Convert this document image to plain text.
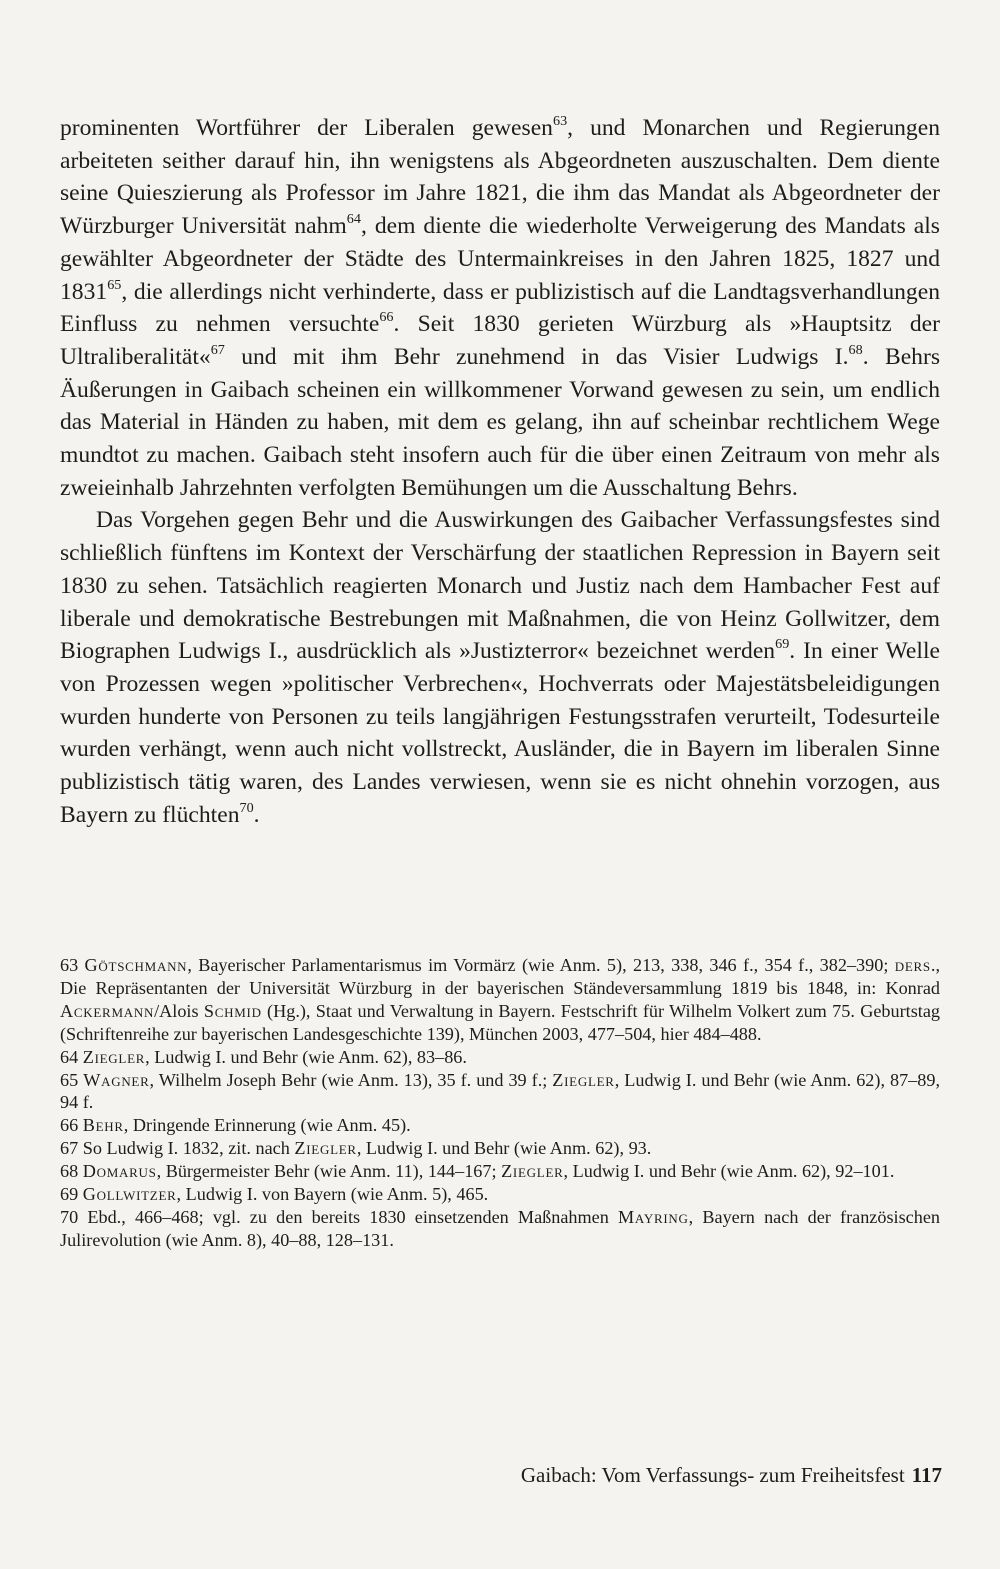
prominenten Wortführer der Liberalen gewesen$^{63}$, und Monarchen und Regierungen arbeiteten seither darauf hin, ihn wenigstens als Abgeordneten auszuschalten. Dem diente seine Quieszierung als Professor im Jahre 1821, die ihm das Mandat als Abgeordneter der Würzburger Universität nahm$^{64}$, dem diente die wiederholte Verweigerung des Mandats als gewählter Abgeordneter der Städte des Untermainkreises in den Jahren 1825, 1827 und 1831$^{65}$, die allerdings nicht verhinderte, dass er publizistisch auf die Landtagsverhandlungen Einfluss zu nehmen versuchte$^{66}$. Seit 1830 gerieten Würzburg als »Hauptsitz der Ultraliberalität«$^{67}$ und mit ihm Behr zunehmend in das Visier Ludwigs I.$^{68}$. Behrs Äußerungen in Gaibach scheinen ein willkommener Vorwand gewesen zu sein, um endlich das Material in Händen zu haben, mit dem es gelang, ihn auf scheinbar rechtlichem Wege mundtot zu machen. Gaibach steht insofern auch für die über einen Zeitraum von mehr als zweieinhalb Jahrzehnten verfolgten Bemühungen um die Ausschaltung Behrs.

Das Vorgehen gegen Behr und die Auswirkungen des Gaibacher Verfassungsfestes sind schließlich fünftens im Kontext der Verschärfung der staatlichen Repression in Bayern seit 1830 zu sehen. Tatsächlich reagierten Monarch und Justiz nach dem Hambacher Fest auf liberale und demokratische Bestrebungen mit Maßnahmen, die von Heinz Gollwitzer, dem Biographen Ludwigs I., ausdrücklich als »Justizterror« bezeichnet werden$^{69}$. In einer Welle von Prozessen wegen »politischer Verbrechen«, Hochverrats oder Majestätsbeleidigungen wurden hunderte von Personen zu teils langjährigen Festungsstrafen verurteilt, Todesurteile wurden verhängt, wenn auch nicht vollstreckt, Ausländer, die in Bayern im liberalen Sinne publizistisch tätig waren, des Landes verwiesen, wenn sie es nicht ohnehin vorzogen, aus Bayern zu flüchten$^{70}$.

63 Götschmann, Bayerischer Parlamentarismus im Vormärz (wie Anm. 5), 213, 338, 346 f., 354 f., 382–390; ders., Die Repräsentanten der Universität Würzburg in der bayerischen Ständeversammlung 1819 bis 1848, in: Konrad Ackermann/Alois Schmid (Hg.), Staat und Verwaltung in Bayern. Festschrift für Wilhelm Volkert zum 75. Geburtstag (Schriftenreihe zur bayerischen Landesgeschichte 139), München 2003, 477–504, hier 484–488.

64 Ziegler, Ludwig I. und Behr (wie Anm. 62), 83–86.

65 Wagner, Wilhelm Joseph Behr (wie Anm. 13), 35 f. und 39 f.; Ziegler, Ludwig I. und Behr (wie Anm. 62), 87–89, 94 f.

66 Behr, Dringende Erinnerung (wie Anm. 45).

67 So Ludwig I. 1832, zit. nach Ziegler, Ludwig I. und Behr (wie Anm. 62), 93.

68 Domarus, Bürgermeister Behr (wie Anm. 11), 144–167; Ziegler, Ludwig I. und Behr (wie Anm. 62), 92–101.

69 Gollwitzer, Ludwig I. von Bayern (wie Anm. 5), 465.

70 Ebd., 466–468; vgl. zu den bereits 1830 einsetzenden Maßnahmen Mayring, Bayern nach der französischen Julirevolution (wie Anm. 8), 40–88, 128–131.

Gaibach: Vom Verfassungs- zum Freiheitsfest 117
